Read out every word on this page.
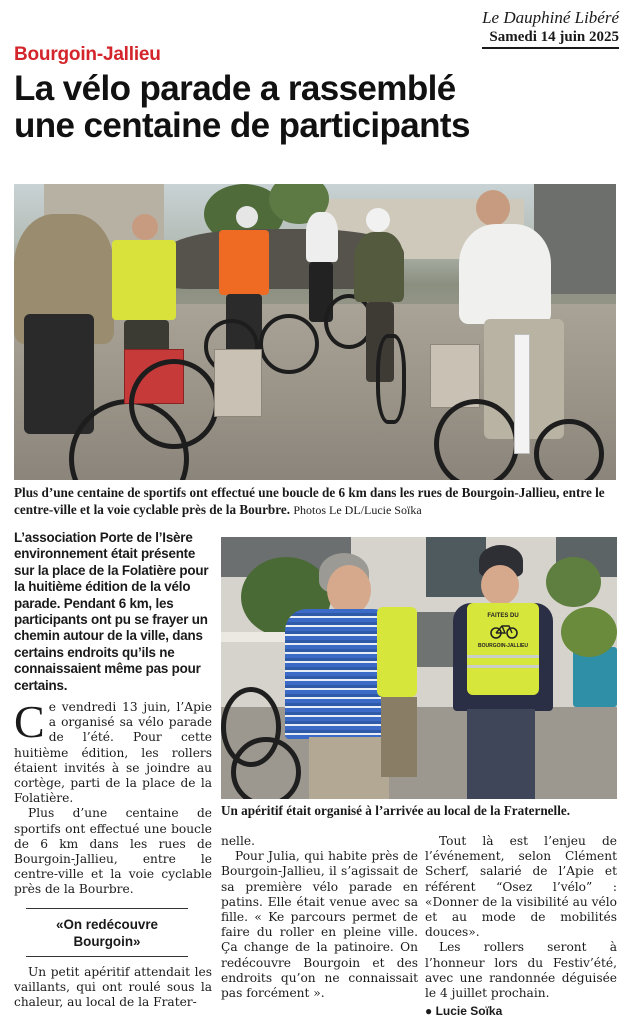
Le Dauphiné Libéré
Samedi 14 juin 2025
Bourgoin-Jallieu
La vélo parade a rassemblé
une centaine de participants
Plus d’une centaine de sportifs ont effectué une boucle de 6 km dans les rues de Bourgoin-Jallieu, entre le centre-ville et la voie cyclable près de la Bourbre. Photos Le DL/Lucie Soïka
L’association Porte de l’Isère environnement était présente sur la place de la Folatière pour la huitième édition de la vélo parade. Pendant 6 km, les participants ont pu se frayer un chemin autour de la ville, dans certains endroits qu’ils ne connaissaient même pas pour certains.

Ce vendredi 13 juin, l’Apie a organisé sa vélo parade de l’été. Pour cette huitième édition, les rollers étaient invités à se joindre au cortège, parti de la place de la Folatière.

Plus d’une centaine de sportifs ont effectué une boucle de 6 km dans les rues de Bourgoin-Jallieu, entre le centre-ville et la voie cyclable près de la Bourbre.

«On redécouvre
Bourgoin»

Un petit apéritif attendait les vaillants, qui ont roulé sous la chaleur, au local de la Frater-

FAITES DU
BOURGOIN-JALLIEU
Un apéritif était organisé à l’arrivée au local de la Fraternelle.

nelle.

Pour Julia, qui habite près de Bourgoin-Jallieu, il s’agissait de sa première vélo parade en patins. Elle était venue avec sa fille. « Ke parcours permet de faire du roller en pleine ville. Ça change de la patinoire. On redécouvre Bourgoin et des endroits qu’on ne connaissait pas forcément ».

Tout là est l’enjeu de l’événement, selon Clément Scherf, salarié de l’Apie et référent “Osez l’vélo” : «Donner de la visibilité au vélo et au mode de mobilités douces».

Les rollers seront à l’honneur lors du Festiv’été, avec une randonnée déguisée le 4 juillet prochain.

● Lucie Soïka
